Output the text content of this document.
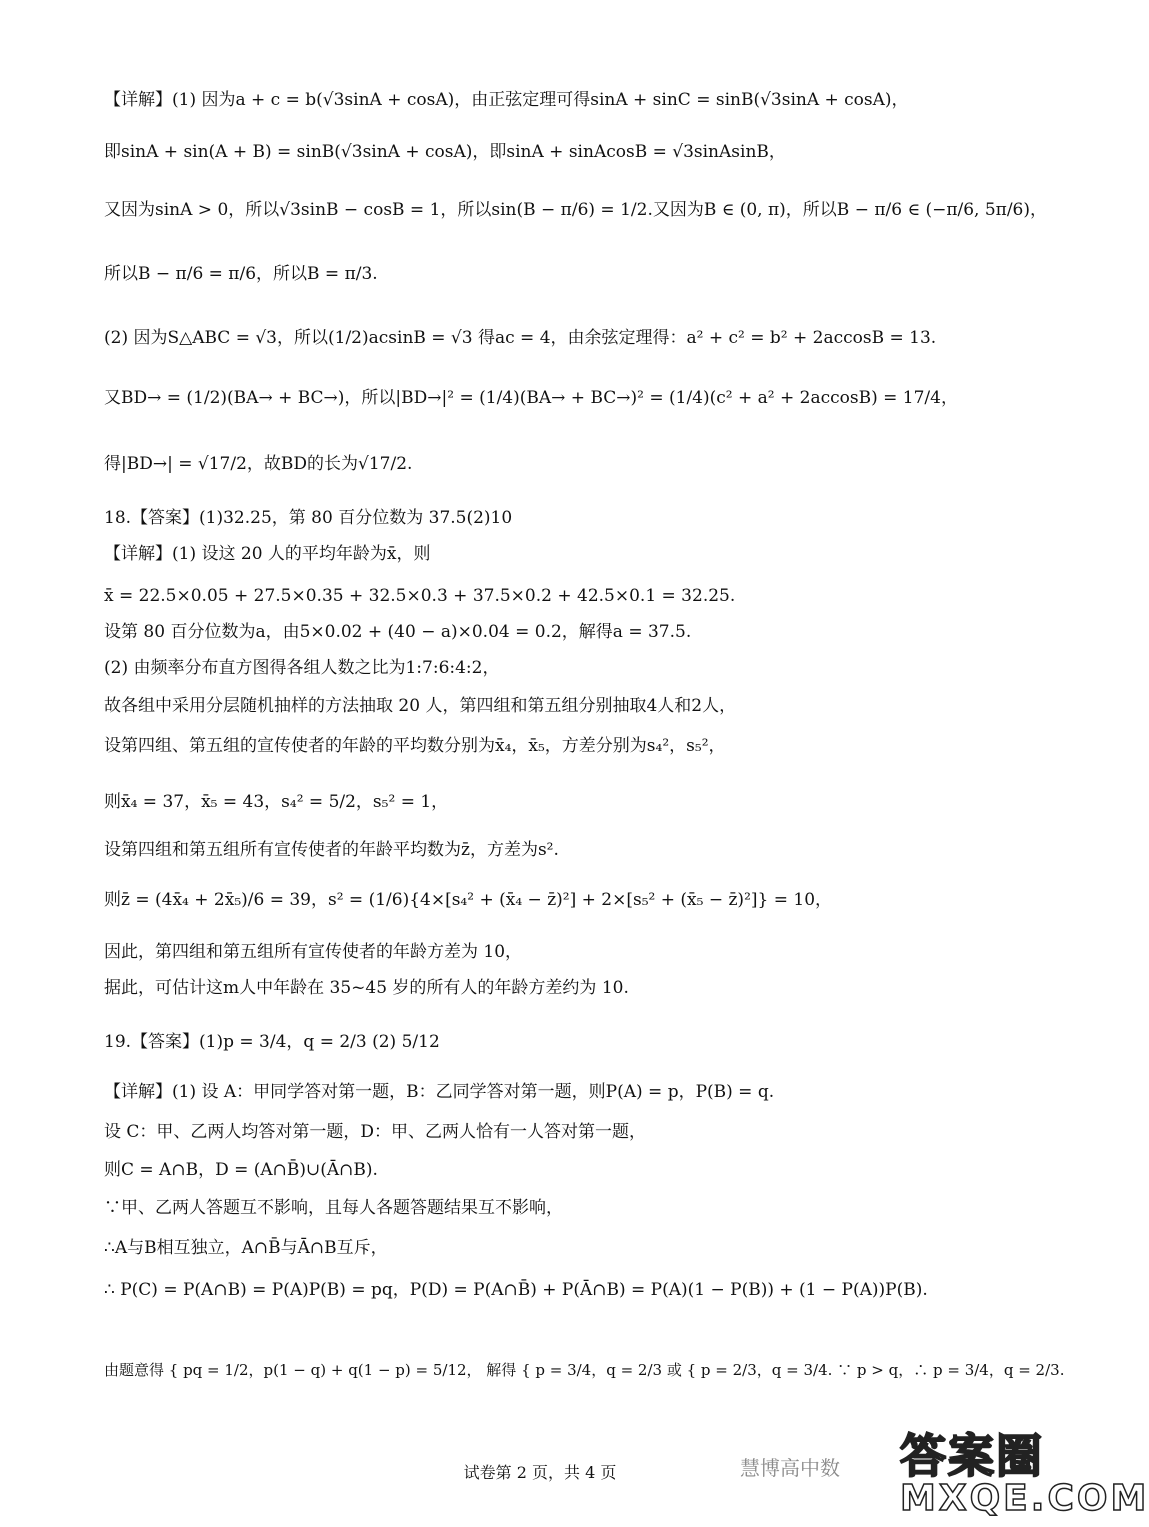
【详解】(1) 因为a + c = b(√3sinA + cosA)，由正弦定理可得sinA + sinC = sinB(√3sinA + cosA)，
即sinA + sin(A + B) = sinB(√3sinA + cosA)，即sinA + sinAcosB = √3sinAsinB，
又因为sinA > 0，所以√3sinB − cosB = 1，所以sin(B − π/6) = 1/2.又因为B ∈ (0, π)，所以B − π/6 ∈ (−π/6, 5π/6)，
所以B − π/6 = π/6，所以B = π/3.
(2) 因为S△ABC = √3，所以(1/2)acsinB = √3 得ac = 4，由余弦定理得：a² + c² = b² + 2accosB = 13.
又BD→ = (1/2)(BA→ + BC→)，所以|BD→|² = (1/4)(BA→ + BC→)² = (1/4)(c² + a² + 2accosB) = 17/4，
得|BD→| = √17/2，故BD的长为√17/2.
18.【答案】(1)32.25，第 80 百分位数为 37.5(2)10
【详解】(1) 设这 20 人的平均年龄为x̄，则
x̄ = 22.5×0.05 + 27.5×0.35 + 32.5×0.3 + 37.5×0.2 + 42.5×0.1 = 32.25.
设第 80 百分位数为a，由5×0.02 + (40 − a)×0.04 = 0.2，解得a = 37.5.
(2) 由频率分布直方图得各组人数之比为1:7:6:4:2，
故各组中采用分层随机抽样的方法抽取 20 人，第四组和第五组分别抽取4人和2人，
设第四组、第五组的宣传使者的年龄的平均数分别为x̄₄，x̄₅，方差分别为s₄²，s₅²，
则x̄₄ = 37，x̄₅ = 43，s₄² = 5/2，s₅² = 1，
设第四组和第五组所有宣传使者的年龄平均数为z̄，方差为s².
则z̄ = (4x̄₄ + 2x̄₅)/6 = 39，s² = (1/6){4×[s₄² + (x̄₄ − z̄)²] + 2×[s₅² + (x̄₅ − z̄)²]} = 10，
因此，第四组和第五组所有宣传使者的年龄方差为 10，
据此，可估计这m人中年龄在 35~45 岁的所有人的年龄方差约为 10.
19.【答案】(1)p = 3/4，q = 2/3 (2) 5/12
【详解】(1) 设 A：甲同学答对第一题，B：乙同学答对第一题，则P(A) = p，P(B) = q.
设 C：甲、乙两人均答对第一题，D：甲、乙两人恰有一人答对第一题，
则C = A∩B，D = (A∩B̄)∪(Ā∩B).
∵甲、乙两人答题互不影响，且每人各题答题结果互不影响，
∴A与B相互独立，A∩B̄与Ā∩B互斥，
∴ P(C) = P(A∩B) = P(A)P(B) = pq，P(D) = P(A∩B̄) + P(Ā∩B) = P(A)(1 − P(B)) + (1 − P(A))P(B).
由题意得 { pq = 1/2，p(1 − q) + q(1 − p) = 5/12， 解得 { p = 3/4，q = 2/3 或 { p = 2/3，q = 3/4. ∵ p > q，∴ p = 3/4，q = 2/3.
试卷第 2 页，共 4 页	慧博高中数 答案圈
MXQE.COM
